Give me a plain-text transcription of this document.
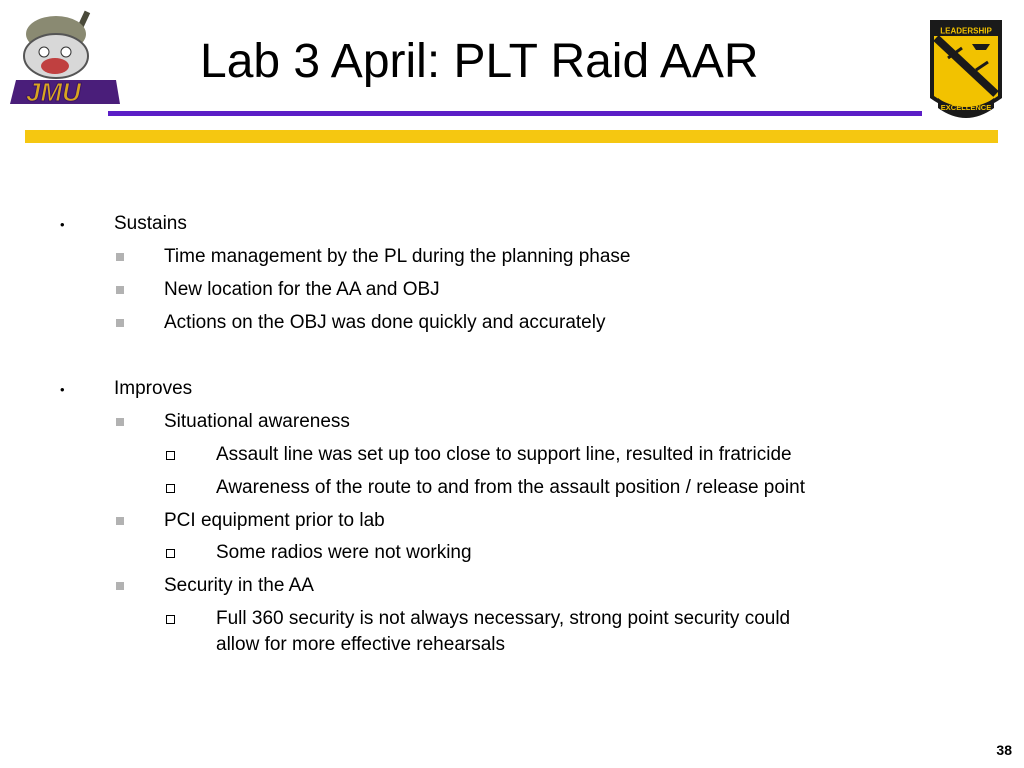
JMU
LEADERSHIP
EXCELLENCE
Lab 3 April: PLT Raid AAR
•	Sustains
Time management by the PL during the planning phase
New location for the AA and OBJ
Actions on the OBJ was done quickly and accurately
•	Improves
Situational awareness
Assault line was set up too close to support line, resulted in fratricide
Awareness of the route to and from the assault position / release point
PCI equipment prior to lab
Some radios were not working
Security in the AA
Full 360 security is not always necessary, strong point security could
allow for more effective rehearsals
38
